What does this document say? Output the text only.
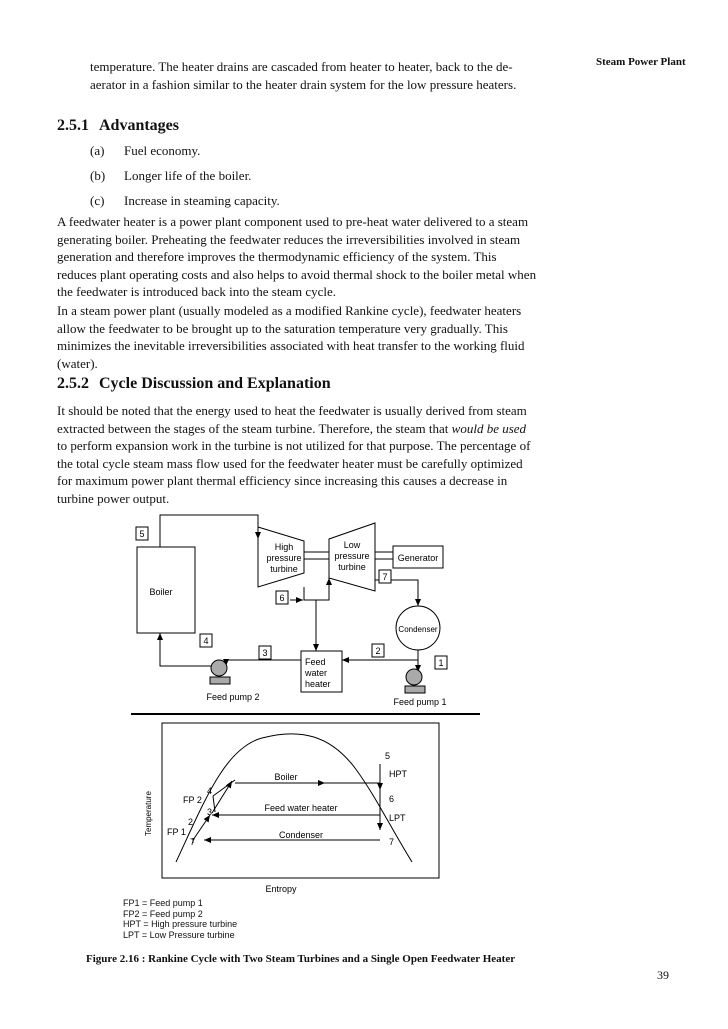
Steam Power Plant

temperature. The heater drains are cascaded from heater to heater, back to the de-aerator in a fashion similar to the heater drain system for the low pressure heaters.

2.5.1 Advantages
(a) Fuel economy.
(b) Longer life of the boiler.
(c) Increase in steaming capacity.

A feedwater heater is a power plant component used to pre-heat water delivered to a steam generating boiler. Preheating the feedwater reduces the irreversibilities involved in steam generation and therefore improves the thermodynamic efficiency of the system. This reduces plant operating costs and also helps to avoid thermal shock to the boiler metal when the feedwater is introduced back into the steam cycle.

In a steam power plant (usually modeled as a modified Rankine cycle), feedwater heaters allow the feedwater to be brought up to the saturation temperature very gradually. This minimizes the inevitable irreversibilities associated with heat transfer to the working fluid (water).

2.5.2 Cycle Discussion and Explanation

It should be noted that the energy used to heat the feedwater is usually derived from steam extracted between the stages of the steam turbine. Therefore, the steam that would be used to perform expansion work in the turbine is not utilized for that purpose. The percentage of the total cycle steam mass flow used for the feedwater heater must be carefully optimized for maximum power plant thermal efficiency since increasing this causes a decrease in turbine power output.

5
4
3
6
7
2
1
Boiler
High
pressure
turbine
Low
pressure
turbine
Generator
Condenser
Feed pump 2	Feed pump 1
Feed
water
heater
Boiler
Feed water heater
Condenser
Entropy
HPT
LPT
FP 1
FP 2
5
6
7
4
3
2
7
Temperature
FP1 = Feed pump 1
FP2 = Feed pump 2
HPT = High pressure turbine
LPT = Low Pressure turbine
Figure 2.16 : Rankine Cycle with Two Steam Turbines and a Single Open Feedwater Heater
39
